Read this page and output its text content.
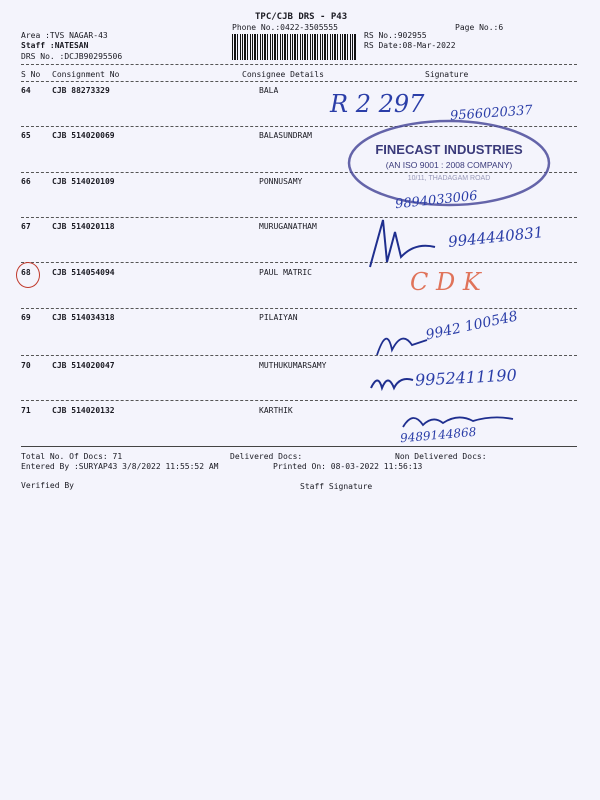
TPC/CJB DRS - P43
Phone No.:0422-3505555	Page No.:6
Area :TVS NAGAR-43
Staff :NATESAN
DRS No. :DCJB90295506
RS No.:902955
RS Date:08-Mar-2022
S No Consignment No	Consignee Details	Signature
64	CJB 88273329	BALA
65	CJB 514020069	BALASUNDRAM
66	CJB 514020109	PONNUSAMY
67	CJB 514020118	MURUGANATHAM
68	CJB 514054094	PAUL MATRIC
69	CJB 514034318	PILAIYAN
70	CJB 514020047	MUTHUKUMARSAMY
71	CJB 514020132	KARTHIK
FINECAST INDUSTRIES
(AN ISO 9001 : 2008 COMPANY)
10/11, THADAGAM ROAD
R 2 297 9566020337
9894033006
9944440831
C D K
9942 100548
9952411190
9489144868
Total No. Of Docs: 71	Delivered Docs:	Non Delivered Docs:
Entered By :SURYAP43 3/8/2022 11:55:52 AM	Printed On: 08-03-2022 11:56:13
Verified By	Staff Signature
